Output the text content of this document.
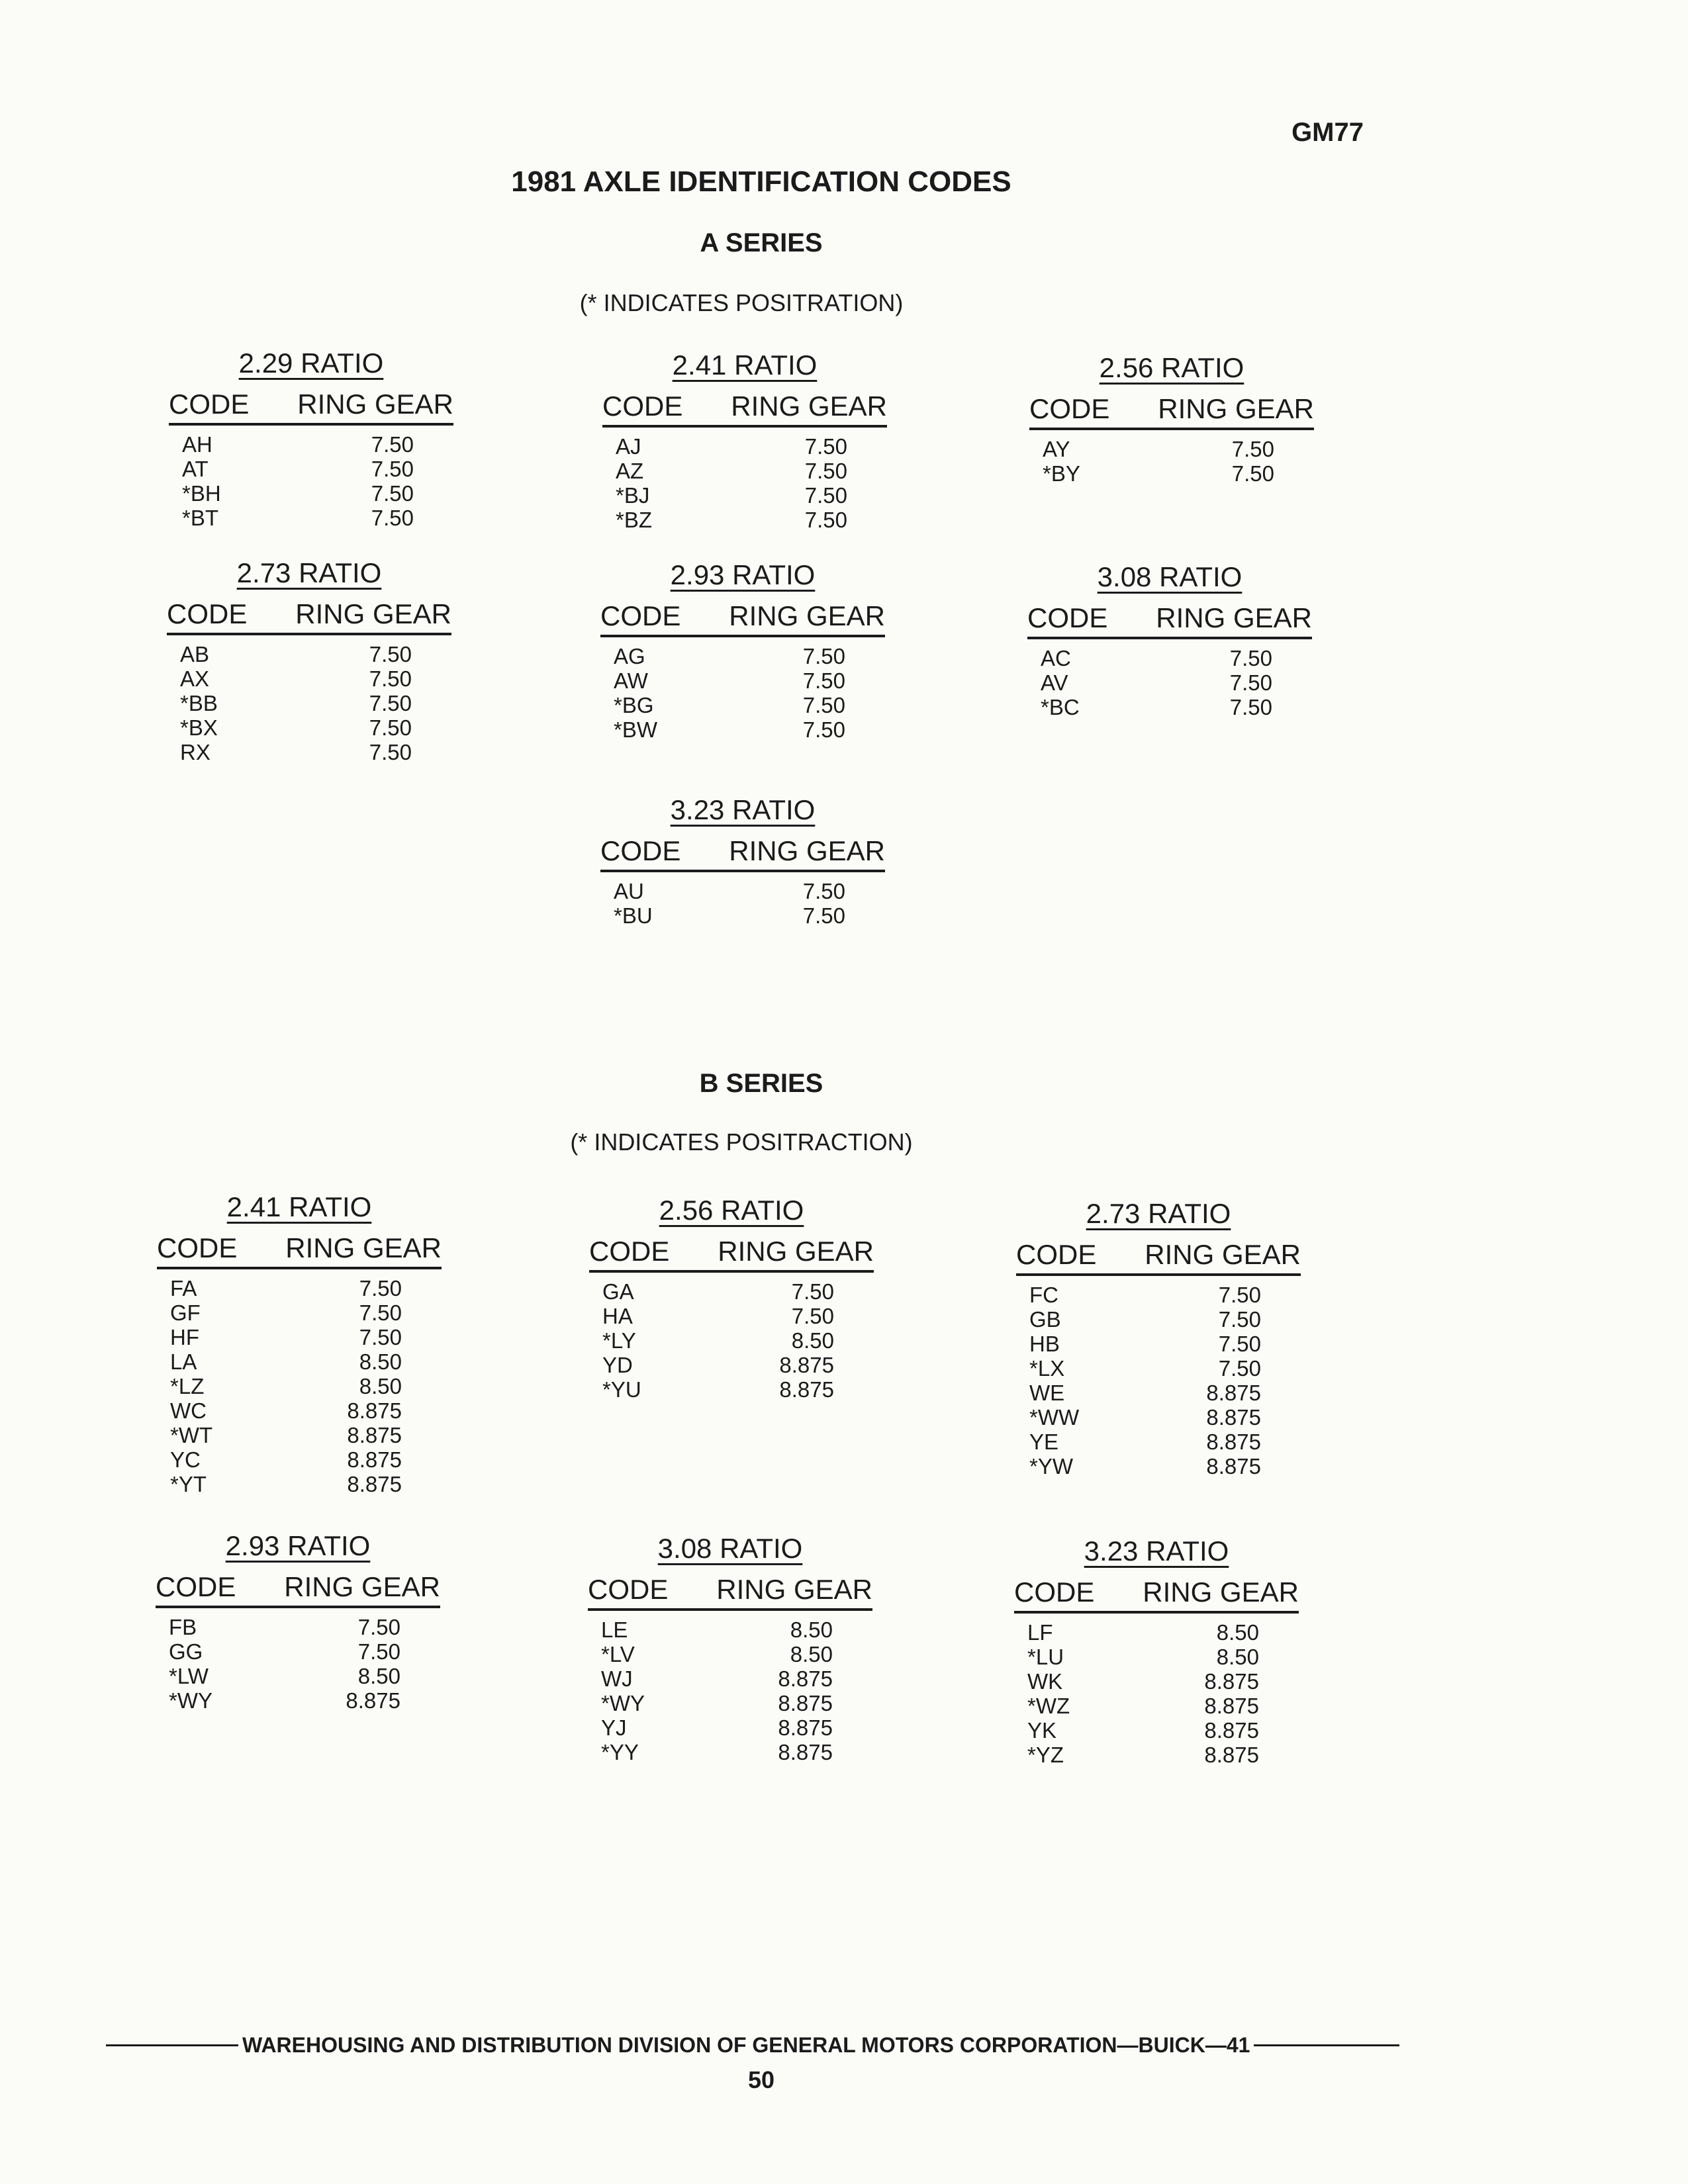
GM77
1981 AXLE IDENTIFICATION CODES
A SERIES
(* INDICATES POSITRATION)
2.29 RATIO
CODE	RING GEAR
AH	7.50
AT	7.50
*BH	7.50
*BT	7.50
2.41 RATIO
CODE	RING GEAR
AJ	7.50
AZ	7.50
*BJ	7.50
*BZ	7.50
2.56 RATIO
CODE	RING GEAR
AY	7.50
*BY	7.50
2.73 RATIO
CODE	RING GEAR
AB	7.50
AX	7.50
*BB	7.50
*BX	7.50
RX	7.50
2.93 RATIO
CODE	RING GEAR
AG	7.50
AW	7.50
*BG	7.50
*BW	7.50
3.08 RATIO
CODE	RING GEAR
AC	7.50
AV	7.50
*BC	7.50
3.23 RATIO
CODE	RING GEAR
AU	7.50
*BU	7.50
B SERIES
(* INDICATES POSITRACTION)
2.41 RATIO
CODE	RING GEAR
FA	7.50
GF	7.50
HF	7.50
LA	8.50
*LZ	8.50
WC	8.875
*WT	8.875
YC	8.875
*YT	8.875
2.56 RATIO
CODE	RING GEAR
GA	7.50
HA	7.50
*LY	8.50
YD	8.875
*YU	8.875
2.73 RATIO
CODE	RING GEAR
FC	7.50
GB	7.50
HB	7.50
*LX	7.50
WE	8.875
*WW	8.875
YE	8.875
*YW	8.875
2.93 RATIO
CODE	RING GEAR
FB	7.50
GG	7.50
*LW	8.50
*WY	8.875
3.08 RATIO
CODE	RING GEAR
LE	8.50
*LV	8.50
WJ	8.875
*WY	8.875
YJ	8.875
*YY	8.875
3.23 RATIO
CODE	RING GEAR
LF	8.50
*LU	8.50
WK	8.875
*WZ	8.875
YK	8.875
*YZ	8.875
WAREHOUSING AND DISTRIBUTION DIVISION OF GENERAL MOTORS CORPORATION—BUICK—41
50
